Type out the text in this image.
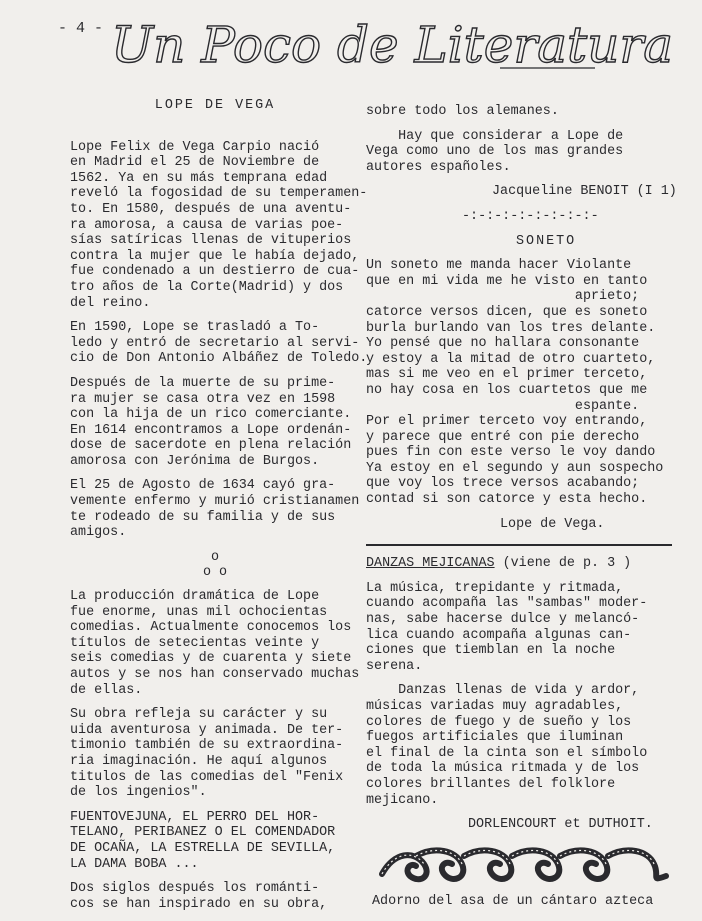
- 4 - Un Poco de Literatura
LOPE DE VEGA
Lope Felix de Vega Carpio nació
en Madrid el 25 de Noviembre de
1562. Ya en su más temprana edad
reveló la fogosidad de su temperamen-
to. En 1580, después de una aventu-
ra amorosa, a causa de varias poe-
sías satíricas llenas de vituperios
contra la mujer que le había dejado,
fue condenado a un destierro de cua-
tro años de la Corte(Madrid) y dos
del reino.
En 1590, Lope se trasladó a To-
ledo y entró de secretario al servi-
cio de Don Antonio Albáñez de Toledo.
Después de la muerte de su prime-
ra mujer se casa otra vez en 1598
con la hija de un rico comerciante.
En 1614 encontramos a Lope ordenán-
dose de sacerdote en plena relación
amorosa con Jerónima de Burgos.
El 25 de Agosto de 1634 cayó gra-
vemente enfermo y murió cristianamen
te rodeado de su familia y de sus
amigos.
o
o o
La producción dramática de Lope
fue enorme, unas mil ochocientas
comedias. Actualmente conocemos los
títulos de setecientas veinte y
seis comedias y de cuarenta y siete
autos y se nos han conservado muchas
de ellas.
Su obra refleja su carácter y su
uida aventurosa y animada. De ter-
timonio también de su extraordina-
ria imaginación. He aquí algunos
titulos de las comedias del "Fenix
de los ingenios".
FUENTOVEJUNA, EL PERRO DEL HOR-
TELANO, PERIBANEZ O EL COMENDADOR
DE OCAÑA, LA ESTRELLA DE SEVILLA,
LA DAMA BOBA ...
Dos siglos después los románti-
cos se han inspirado en su obra,
sobre todo los alemanes.
Hay que considerar a Lope de
Vega como uno de los mas grandes
autores españoles.
Jacqueline BENOIT (I 1)
-:-:-:-:-:-:-:-:-
SONETO
Un soneto me manda hacer Violante
que en mi vida me he visto en tanto
aprieto;
catorce versos dicen, que es soneto
burla burlando van los tres delante.
Yo pensé que no hallara consonante
y estoy a la mitad de otro cuarteto,
mas si me veo en el primer terceto,
no hay cosa en los cuartetos que me
espante.
Por el primer terceto voy entrando,
y parece que entré con pie derecho
pues fin con este verso le voy dando
Ya estoy en el segundo y aun sospecho
que voy los trece versos acabando;
contad si son catorce y esta hecho.
Lope de Vega.
DANZAS MEJICANAS (viene de p. 3 )
La música, trepidante y ritmada,
cuando acompaña las "sambas" moder-
nas, sabe hacerse dulce y melancó-
lica cuando acompaña algunas can-
ciones que tiemblan en la noche
serena.
Danzas llenas de vida y ardor,
músicas variadas muy agradables,
colores de fuego y de sueño y los
fuegos artificiales que iluminan
el final de la cinta son el símbolo
de toda la música ritmada y de los
colores brillantes del folklore
mejicano.
DORLENCOURT et DUTHOIT.
Adorno del asa de un cántaro azteca
